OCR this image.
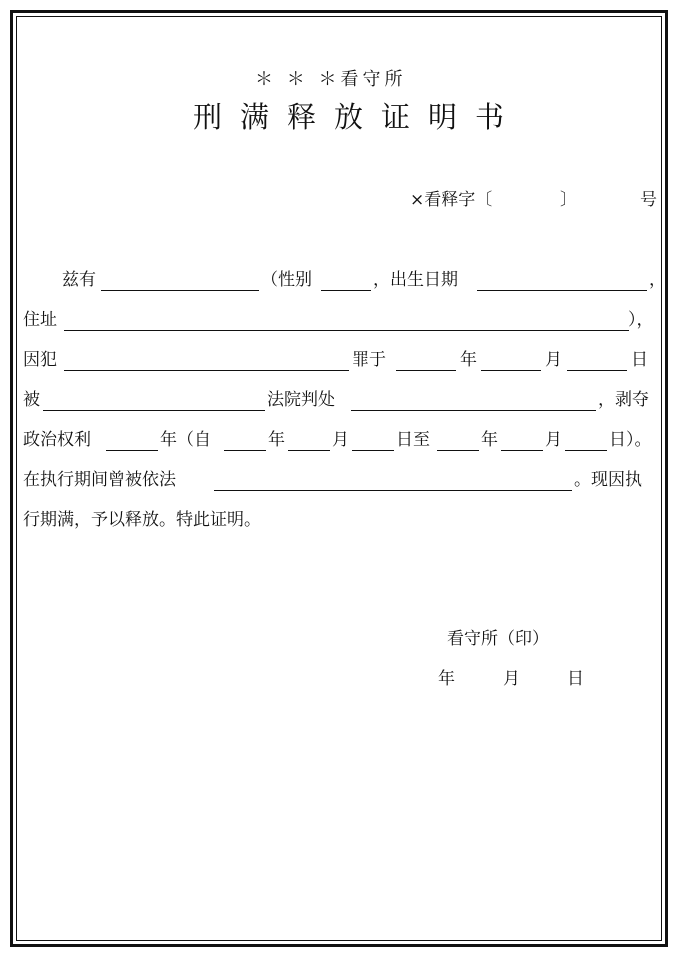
＊ ＊ ＊看守所
刑满释放证明书
×看释字〔	〕	号
兹有	（性别	，出生日期	，
住址	），
因犯	罪于	年	月	日
被	法院判处	，剥夺
政治权利	年（自	年	月	日至	年	月	日）。
在执行期间曾被依法	。现因执
行期满，予以释放。特此证明。
看守所（印）
年	月	日
